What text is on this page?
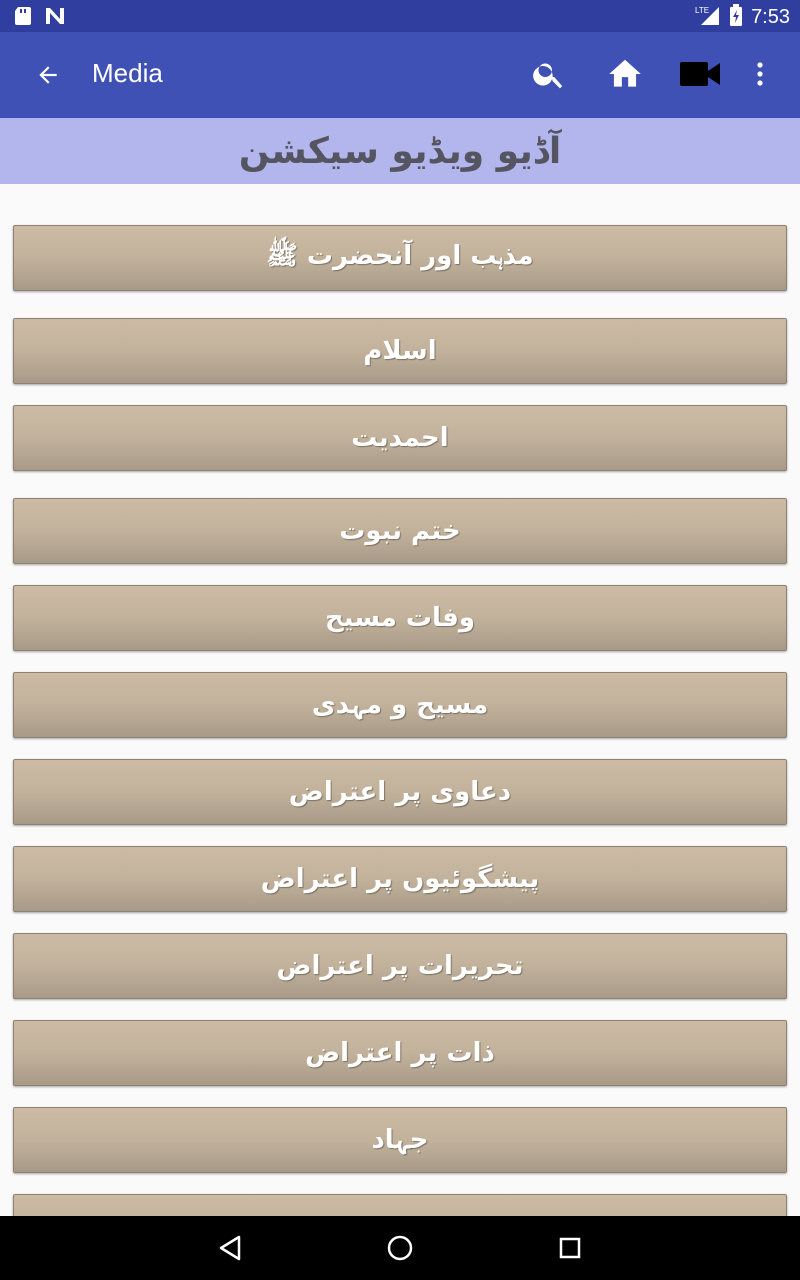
LTE 7:53
Media
آڈیو ویڈیو سیکشن
مذہب اور آنحضرت ﷺ
اسلام
احمدیت
ختم نبوت
وفات مسیح
مسیح و مہدی
دعاوی پر اعتراض
پیشگوئیوں پر اعتراض
تحریرات پر اعتراض
ذات پر اعتراض
جہاد
